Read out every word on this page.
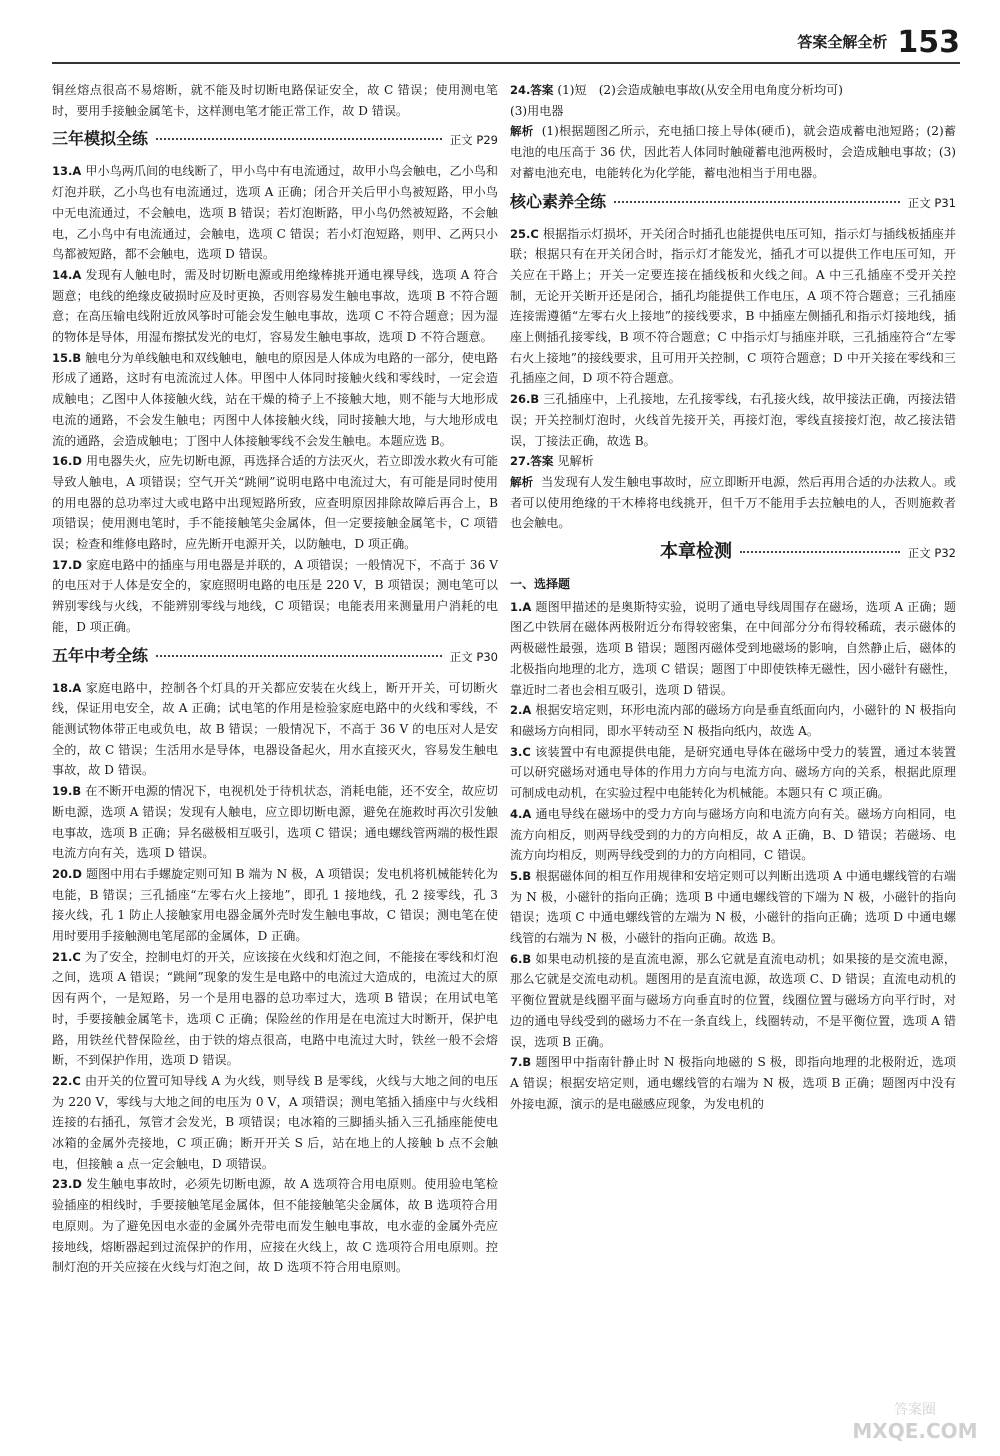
答案全解全析 153

铜丝熔点很高不易熔断，就不能及时切断电路保证安全，故 C 错误；使用测电笔时，要用手接触金属笔卡，这样测电笔才能正常工作，故 D 错误。

三年模拟全练	正文 P29

13.A 甲小鸟两爪间的电线断了，甲小鸟中有电流通过，故甲小鸟会触电，乙小鸟和灯泡并联，乙小鸟也有电流通过，选项 A 正确；闭合开关后甲小鸟被短路，甲小鸟中无电流通过，不会触电，选项 B 错误；若灯泡断路，甲小鸟仍然被短路，不会触电，乙小鸟中有电流通过，会触电，选项 C 错误；若小灯泡短路，则甲、乙两只小鸟都被短路，都不会触电，选项 D 错误。

14.A 发现有人触电时，需及时切断电源或用绝缘棒挑开通电裸导线，选项 A 符合题意；电线的绝缘皮破损时应及时更换，否则容易发生触电事故，选项 B 不符合题意；在高压输电线附近放风筝时可能会发生触电事故，选项 C 不符合题意；因为湿的物体是导体，用湿布擦拭发光的电灯，容易发生触电事故，选项 D 不符合题意。

15.B 触电分为单线触电和双线触电，触电的原因是人体成为电路的一部分，使电路形成了通路，这时有电流流过人体。甲图中人体同时接触火线和零线时，一定会造成触电；乙图中人体接触火线，站在干燥的椅子上不接触大地，则不能与大地形成电流的通路，不会发生触电；丙图中人体接触火线，同时接触大地，与大地形成电流的通路，会造成触电；丁图中人体接触零线不会发生触电。本题应选 B。

16.D 用电器失火，应先切断电源，再选择合适的方法灭火，若立即泼水救火有可能导致人触电，A 项错误；空气开关“跳闸”说明电路中电流过大，有可能是同时使用的用电器的总功率过大或电路中出现短路所致，应查明原因排除故障后再合上，B 项错误；使用测电笔时，手不能接触笔尖金属体，但一定要接触金属笔卡，C 项错误；检查和维修电路时，应先断开电源开关，以防触电，D 项正确。

17.D 家庭电路中的插座与用电器是并联的，A 项错误；一般情况下，不高于 36 V 的电压对于人体是安全的，家庭照明电路的电压是 220 V，B 项错误；测电笔可以辨别零线与火线，不能辨别零线与地线，C 项错误；电能表用来测量用户消耗的电能，D 项正确。

五年中考全练	正文 P30

18.A 家庭电路中，控制各个灯具的开关都应安装在火线上，断开开关，可切断火线，保证用电安全，故 A 正确；试电笔的作用是检验家庭电路中的火线和零线，不能测试物体带正电或负电，故 B 错误；一般情况下，不高于 36 V 的电压对人是安全的，故 C 错误；生活用水是导体，电器设备起火，用水直接灭火，容易发生触电事故，故 D 错误。

19.B 在不断开电源的情况下，电视机处于待机状态，消耗电能，还不安全，故应切断电源，选项 A 错误；发现有人触电，应立即切断电源，避免在施救时再次引发触电事故，选项 B 正确；异名磁极相互吸引，选项 C 错误；通电螺线管两端的极性跟电流方向有关，选项 D 错误。

20.D 题图中用右手螺旋定则可知 B 端为 N 极，A 项错误；发电机将机械能转化为电能，B 错误；三孔插座“左零右火上接地”，即孔 1 接地线，孔 2 接零线，孔 3 接火线，孔 1 防止人接触家用电器金属外壳时发生触电事故，C 错误；测电笔在使用时要用手接触测电笔尾部的金属体，D 正确。

21.C 为了安全，控制电灯的开关，应该接在火线和灯泡之间，不能接在零线和灯泡之间，选项 A 错误；“跳闸”现象的发生是电路中的电流过大造成的，电流过大的原因有两个，一是短路，另一个是用电器的总功率过大，选项 B 错误；在用试电笔时，手要接触金属笔卡，选项 C 正确；保险丝的作用是在电流过大时断开，保护电路，用铁丝代替保险丝，由于铁的熔点很高，电路中电流过大时，铁丝一般不会熔断，不到保护作用，选项 D 错误。

22.C 由开关的位置可知导线 A 为火线，则导线 B 是零线，火线与大地之间的电压为 220 V，零线与大地之间的电压为 0 V，A 项错误；测电笔插入插座中与火线相连接的右插孔，氖管才会发光，B 项错误；电冰箱的三脚插头插入三孔插座能使电冰箱的金属外壳接地，C 项正确；断开开关 S 后，站在地上的人接触 b 点不会触电，但接触 a 点一定会触电，D 项错误。

23.D 发生触电事故时，必须先切断电源，故 A 选项符合用电原则。使用验电笔检验插座的相线时，手要接触笔尾金属体，但不能接触笔尖金属体，故 B 选项符合用电原则。为了避免因电水壶的金属外壳带电而发生触电事故，电水壶的金属外壳应接地线，熔断器起到过流保护的作用，应接在火线上，故 C 选项符合用电原则。控制灯泡的开关应接在火线与灯泡之间，故 D 选项不符合用电原则。

24.答案 (1)短　(2)会造成触电事故(从安全用电角度分析均可)
(3)用电器
解析 (1)根据题图乙所示，充电插口接上导体(硬币)，就会造成蓄电池短路；(2)蓄电池的电压高于 36 伏，因此若人体同时触碰蓄电池两极时，会造成触电事故；(3)对蓄电池充电，电能转化为化学能，蓄电池相当于用电器。

核心素养全练	正文 P31

25.C 根据指示灯损坏，开关闭合时插孔也能提供电压可知，指示灯与插线板插座并联；根据只有在开关闭合时，指示灯才能发光，插孔才可以提供工作电压可知，开关应在干路上；开关一定要连接在插线板和火线之间。A 中三孔插座不受开关控制，无论开关断开还是闭合，插孔均能提供工作电压，A 项不符合题意；三孔插座连接需遵循“左零右火上接地”的接线要求，B 中插座左侧插孔和指示灯接地线，插座上侧插孔接零线，B 项不符合题意；C 中指示灯与插座并联，三孔插座符合“左零右火上接地”的接线要求，且可用开关控制，C 项符合题意；D 中开关接在零线和三孔插座之间，D 项不符合题意。

26.B 三孔插座中，上孔接地，左孔接零线，右孔接火线，故甲接法正确，丙接法错误；开关控制灯泡时，火线首先接开关，再接灯泡，零线直接接灯泡，故乙接法错误，丁接法正确，故选 B。

27.答案 见解析
解析 当发现有人发生触电事故时，应立即断开电源，然后再用合适的办法救人。或者可以使用绝缘的干木棒将电线挑开，但千万不能用手去拉触电的人，否则施救者也会触电。

本章检测	正文 P32
一、选择题

1.A 题图甲描述的是奥斯特实验，说明了通电导线周围存在磁场，选项 A 正确；题图乙中铁屑在磁体两极附近分布得较密集，在中间部分分布得较稀疏，表示磁体的两极磁性最强，选项 B 错误；题图丙磁体受到地磁场的影响，自然静止后，磁体的北极指向地理的北方，选项 C 错误；题图丁中即使铁棒无磁性，因小磁针有磁性，靠近时二者也会相互吸引，选项 D 错误。

2.A 根据安培定则，环形电流内部的磁场方向是垂直纸面向内，小磁针的 N 极指向和磁场方向相同，即水平转动至 N 极指向纸内，故选 A。

3.C 该装置中有电源提供电能，是研究通电导体在磁场中受力的装置，通过本装置可以研究磁场对通电导体的作用力方向与电流方向、磁场方向的关系，根据此原理可制成电动机，在实验过程中电能转化为机械能。本题只有 C 项正确。

4.A 通电导线在磁场中的受力方向与磁场方向和电流方向有关。磁场方向相同，电流方向相反，则两导线受到的力的方向相反，故 A 正确，B、D 错误；若磁场、电流方向均相反，则两导线受到的力的方向相同，C 错误。

5.B 根据磁体间的相互作用规律和安培定则可以判断出选项 A 中通电螺线管的右端为 N 极，小磁针的指向正确；选项 B 中通电螺线管的下端为 N 极，小磁针的指向错误；选项 C 中通电螺线管的左端为 N 极，小磁针的指向正确；选项 D 中通电螺线管的右端为 N 极，小磁针的指向正确。故选 B。

6.B 如果电动机接的是直流电源，那么它就是直流电动机；如果接的是交流电源，那么它就是交流电动机。题图用的是直流电源，故选项 C、D 错误；直流电动机的平衡位置就是线圈平面与磁场方向垂直时的位置，线圈位置与磁场方向平行时，对边的通电导线受到的磁场力不在一条直线上，线圈转动，不是平衡位置，选项 A 错误，选项 B 正确。

7.B 题图甲中指南针静止时 N 极指向地磁的 S 极，即指向地理的北极附近，选项 A 错误；根据安培定则，通电螺线管的右端为 N 极，选项 B 正确；题图丙中没有外接电源，演示的是电磁感应现象，为发电机的

答案圈
MXQE.COM
